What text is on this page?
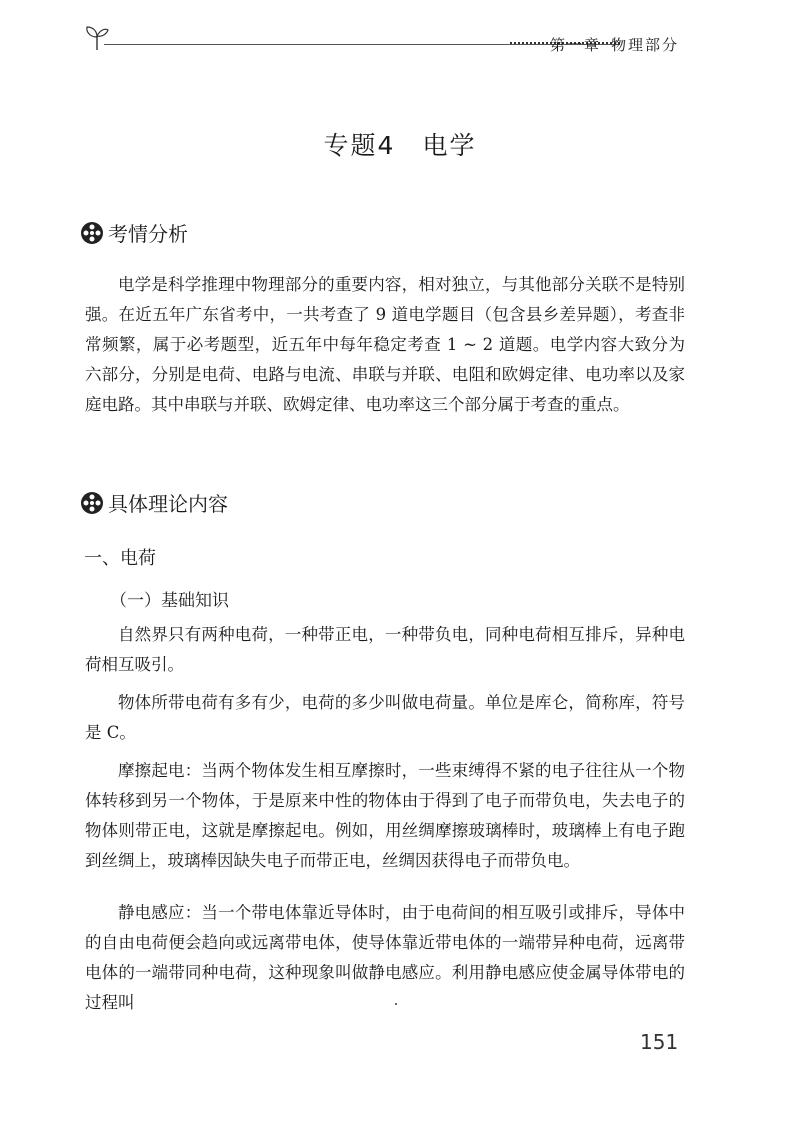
第一章 物理部分
专题4　电学
考情分析
电学是科学推理中物理部分的重要内容，相对独立，与其他部分关联不是特别强。在近五年广东省考中，一共考查了 9 道电学题目（包含县乡差异题），考查非常频繁，属于必考题型，近五年中每年稳定考查 1 ~ 2 道题。电学内容大致分为六部分，分别是电荷、电路与电流、串联与并联、电阻和欧姆定律、电功率以及家庭电路。其中串联与并联、欧姆定律、电功率这三个部分属于考查的重点。
具体理论内容
一、电荷
（一）基础知识
自然界只有两种电荷，一种带正电，一种带负电，同种电荷相互排斥，异种电荷相互吸引。
物体所带电荷有多有少，电荷的多少叫做电荷量。单位是库仑，简称库，符号是 C。
摩擦起电：当两个物体发生相互摩擦时，一些束缚得不紧的电子往往从一个物体转移到另一个物体，于是原来中性的物体由于得到了电子而带负电，失去电子的物体则带正电，这就是摩擦起电。例如，用丝绸摩擦玻璃棒时，玻璃棒上有电子跑到丝绸上，玻璃棒因缺失电子而带正电，丝绸因获得电子而带负电。
静电感应：当一个带电体靠近导体时，由于电荷间的相互吸引或排斥，导体中的自由电荷便会趋向或远离带电体，使导体靠近带电体的一端带异种电荷，远离带电体的一端带同种电荷，这种现象叫做静电感应。利用静电感应使金属导体带电的过程叫
151
